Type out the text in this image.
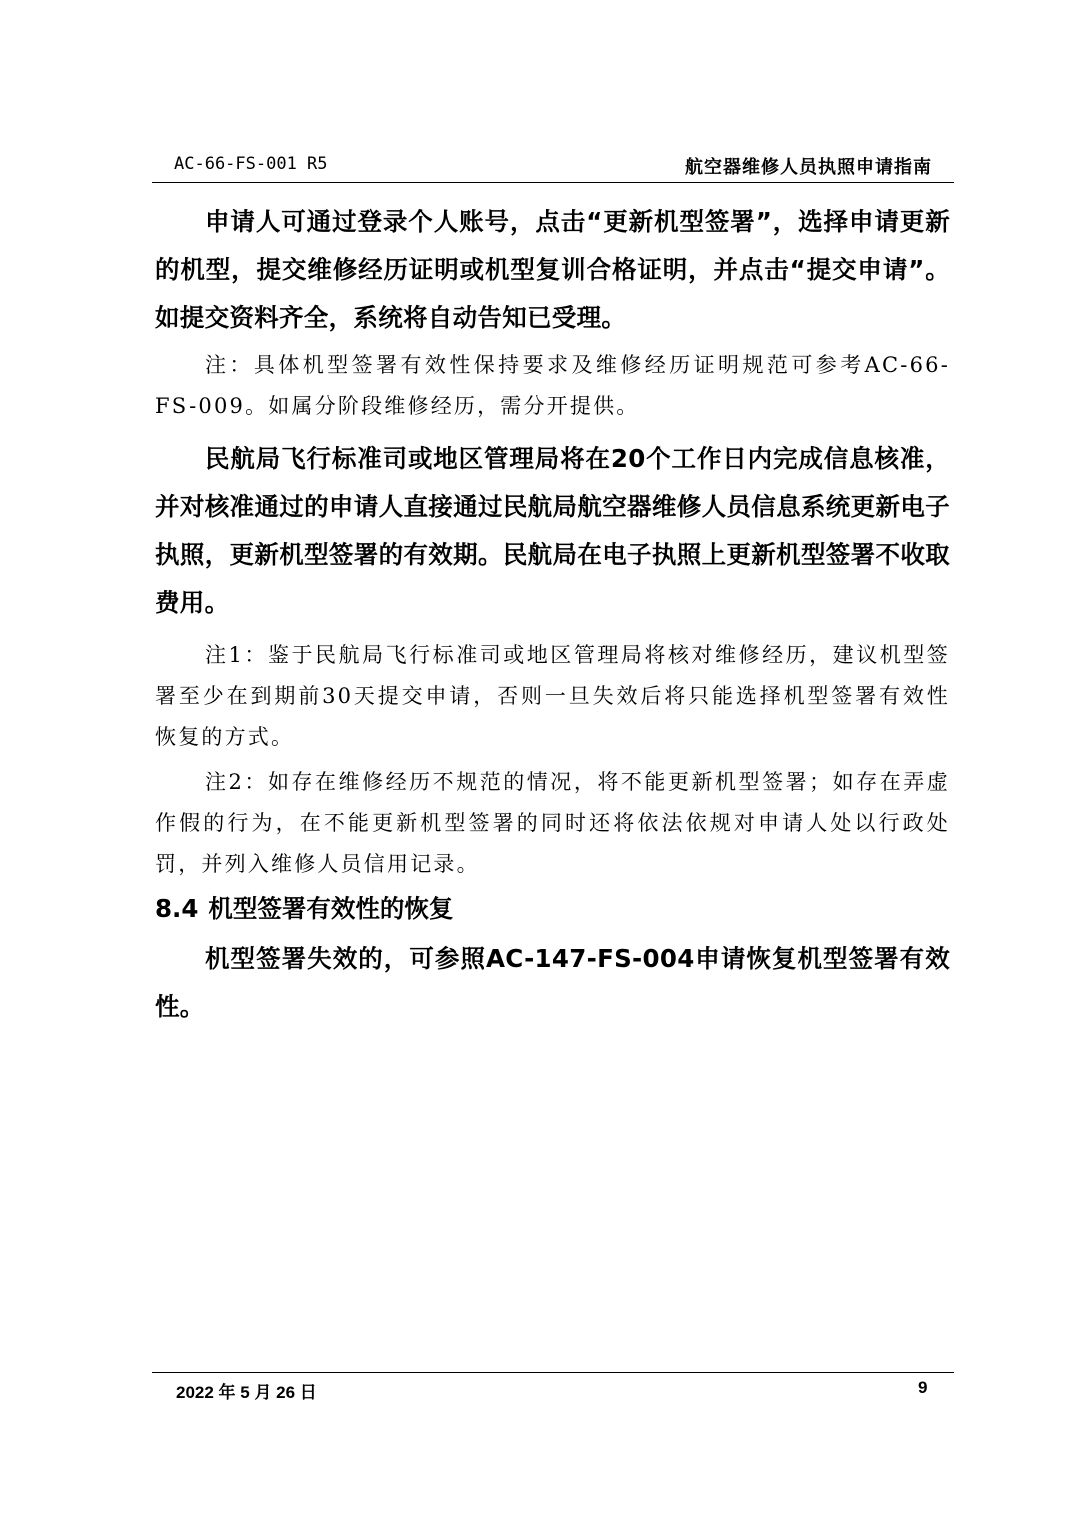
AC-66-FS-001 R5	航空器维修人员执照申请指南

申请人可通过登录个人账号，点击“更新机型签署”，选择申请更新的机型，提交维修经历证明或机型复训合格证明，并点击“提交申请”。如提交资料齐全，系统将自动告知已受理。

注：具体机型签署有效性保持要求及维修经历证明规范可参考AC-66-FS-009。如属分阶段维修经历，需分开提供。

民航局飞行标准司或地区管理局将在20个工作日内完成信息核准，并对核准通过的申请人直接通过民航局航空器维修人员信息系统更新电子执照，更新机型签署的有效期。民航局在电子执照上更新机型签署不收取费用。

注1：鉴于民航局飞行标准司或地区管理局将核对维修经历，建议机型签署至少在到期前30天提交申请，否则一旦失效后将只能选择机型签署有效性恢复的方式。

注2：如存在维修经历不规范的情况，将不能更新机型签署；如存在弄虚作假的行为，在不能更新机型签署的同时还将依法依规对申请人处以行政处罚，并列入维修人员信用记录。

8.4 机型签署有效性的恢复

机型签署失效的，可参照AC-147-FS-004申请恢复机型签署有效性。

2022 年 5 月 26 日	9
